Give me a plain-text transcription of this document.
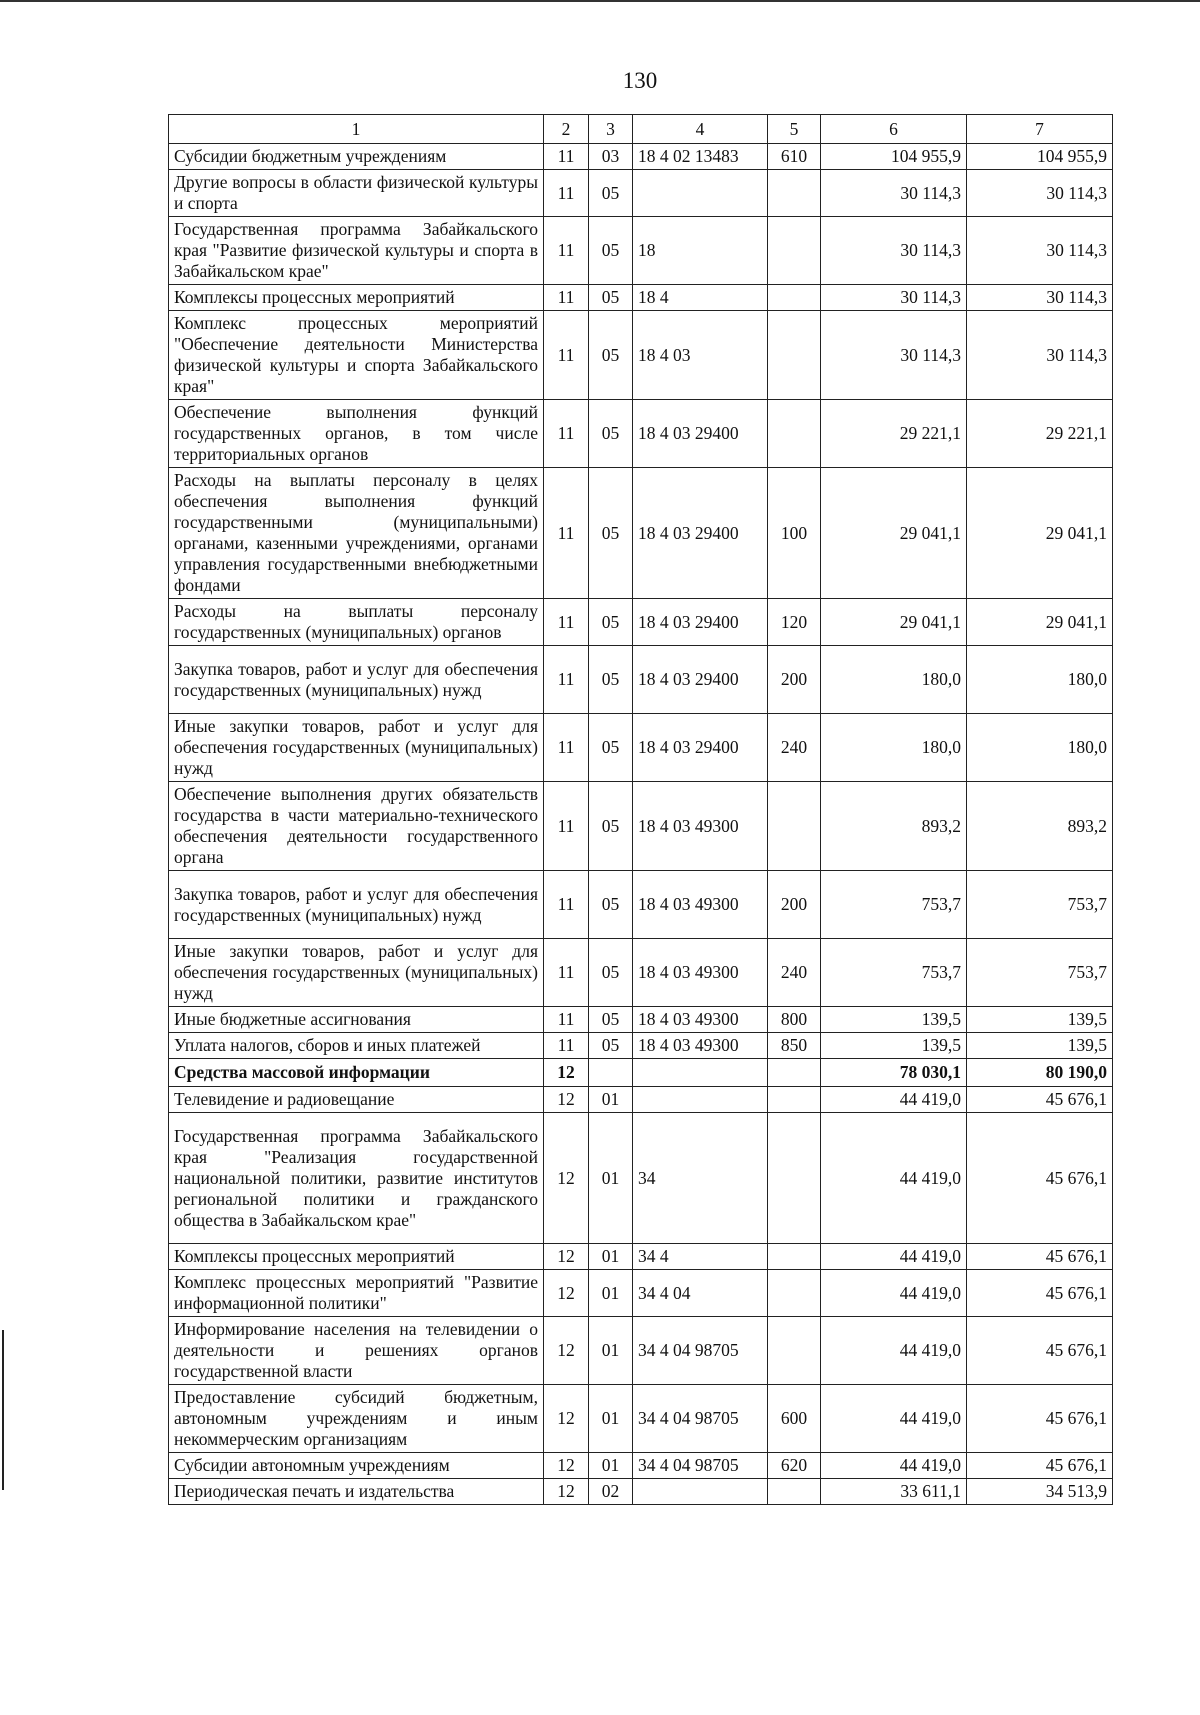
130
1	2	3	4	5	6	7
Субсидии бюджетным учреждениям	11	03	18 4 02 13483	610	104 955,9	104 955,9
Другие вопросы в области физической культуры и спорта	11	05			30 114,3	30 114,3
Государственная программа Забайкальского края "Развитие физической культуры и спорта в Забайкальском крае"	11	05	18		30 114,3	30 114,3
Комплексы процессных мероприятий	11	05	18 4		30 114,3	30 114,3
Комплекс процессных мероприятий "Обеспечение деятельности Министерства физической культуры и спорта Забайкальского края"	11	05	18 4 03		30 114,3	30 114,3
Обеспечение выполнения функций государственных органов, в том числе территориальных органов	11	05	18 4 03 29400		29 221,1	29 221,1
Расходы на выплаты персоналу в целях обеспечения выполнения функций государственными (муниципальными) органами, казенными учреждениями, органами управления государственными внебюджетными фондами	11	05	18 4 03 29400	100	29 041,1	29 041,1
Расходы на выплаты персоналу государственных (муниципальных) органов	11	05	18 4 03 29400	120	29 041,1	29 041,1
Закупка товаров, работ и услуг для обеспечения государственных (муниципальных) нужд	11	05	18 4 03 29400	200	180,0	180,0
Иные закупки товаров, работ и услуг для обеспечения государственных (муниципальных) нужд	11	05	18 4 03 29400	240	180,0	180,0
Обеспечение выполнения других обязательств государства в части материально-технического обеспечения деятельности государственного органа	11	05	18 4 03 49300		893,2	893,2
Закупка товаров, работ и услуг для обеспечения государственных (муниципальных) нужд	11	05	18 4 03 49300	200	753,7	753,7
Иные закупки товаров, работ и услуг для обеспечения государственных (муниципальных) нужд	11	05	18 4 03 49300	240	753,7	753,7
Иные бюджетные ассигнования	11	05	18 4 03 49300	800	139,5	139,5
Уплата налогов, сборов и иных платежей	11	05	18 4 03 49300	850	139,5	139,5
Средства массовой информации	12				78 030,1	80 190,0
Телевидение и радиовещание	12	01			44 419,0	45 676,1
Государственная программа Забайкальского края "Реализация государственной национальной политики, развитие институтов региональной политики и гражданского общества в Забайкальском крае"	12	01	34		44 419,0	45 676,1
Комплексы процессных мероприятий	12	01	34 4		44 419,0	45 676,1
Комплекс процессных мероприятий "Развитие информационной политики"	12	01	34 4 04		44 419,0	45 676,1
Информирование населения на телевидении о деятельности и решениях органов государственной власти	12	01	34 4 04 98705		44 419,0	45 676,1
Предоставление субсидий бюджетным, автономным учреждениям и иным некоммерческим организациям	12	01	34 4 04 98705	600	44 419,0	45 676,1
Субсидии автономным учреждениям	12	01	34 4 04 98705	620	44 419,0	45 676,1
Периодическая печать и издательства	12	02			33 611,1	34 513,9
